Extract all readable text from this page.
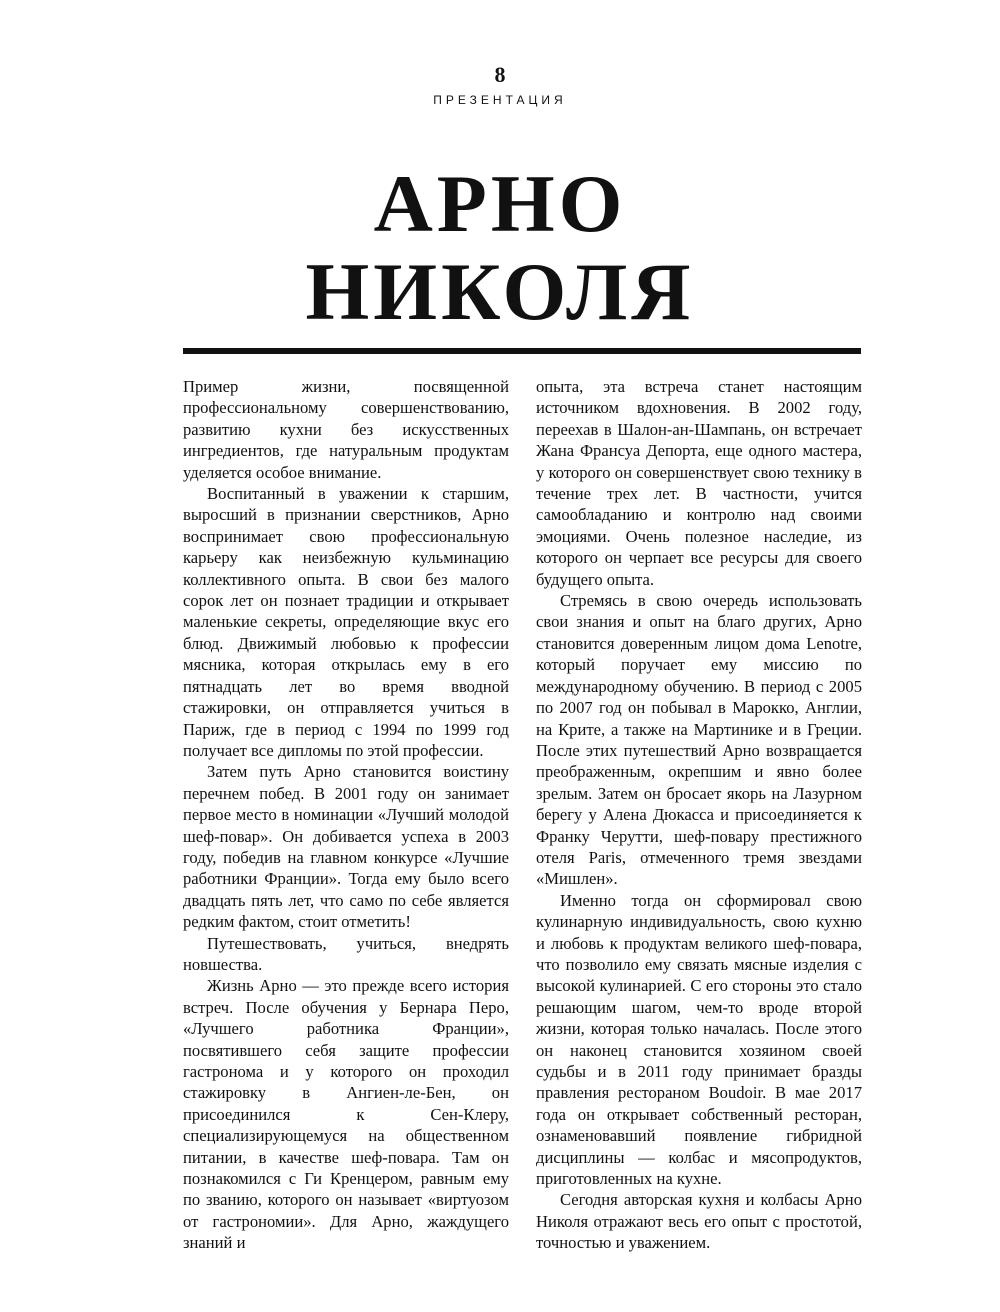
8
ПРЕЗЕНТАЦИЯ
АРНО
НИКОЛЯ

Пример жизни, посвященной профессиональному совершенствованию, развитию кухни без искусственных ингредиентов, где натуральным продуктам уделяется особое внимание.

Воспитанный в уважении к старшим, выросший в признании сверстников, Арно воспринимает свою профессиональную карьеру как неизбежную кульминацию коллективного опыта. В свои без малого сорок лет он познает традиции и открывает маленькие секреты, определяющие вкус его блюд. Движимый любовью к профессии мясника, которая открылась ему в его пятнадцать лет во время вводной стажировки, он отправляется учиться в Париж, где в период с 1994 по 1999 год получает все дипломы по этой профессии.

Затем путь Арно становится воистину перечнем побед. В 2001 году он занимает первое место в номинации «Лучший молодой шеф-повар». Он добивается успеха в 2003 году, победив на главном конкурсе «Лучшие работники Франции». Тогда ему было всего двадцать пять лет, что само по себе является редким фактом, стоит отметить!

Путешествовать, учиться, внедрять новшества.

Жизнь Арно — это прежде всего история встреч. После обучения у Бернара Перо, «Лучшего работника Франции», посвятившего себя защите профессии гастронома и у которого он проходил стажировку в Ангиен-ле-Бен, он присоединился к Сен-Клеру, специализирующемуся на общественном питании, в качестве шеф-повара. Там он познакомился с Ги Кренцером, равным ему по званию, которого он называет «виртуозом от гастрономии». Для Арно, жаждущего знаний и

опыта, эта встреча станет настоящим источником вдохновения. В 2002 году, переехав в Шалон-ан-Шампань, он встречает Жана Франсуа Депорта, еще одного мастера, у которого он совершенствует свою технику в течение трех лет. В частности, учится самообладанию и контролю над своими эмоциями. Очень полезное наследие, из которого он черпает все ресурсы для своего будущего опыта.

Стремясь в свою очередь использовать свои знания и опыт на благо других, Арно становится доверенным лицом дома Lenotre, который поручает ему миссию по международному обучению. В период с 2005 по 2007 год он побывал в Марокко, Англии, на Крите, а также на Мартинике и в Греции. После этих путешествий Арно возвращается преображенным, окрепшим и явно более зрелым. Затем он бросает якорь на Лазурном берегу у Алена Дюкасса и присоединяется к Франку Черутти, шеф-повару престижного отеля Paris, отмеченного тремя звездами «Мишлен».

Именно тогда он сформировал свою кулинарную индивидуальность, свою кухню и любовь к продуктам великого шеф-повара, что позволило ему связать мясные изделия с высокой кулинарией. С его стороны это стало решающим шагом, чем-то вроде второй жизни, которая только началась. После этого он наконец становится хозяином своей судьбы и в 2011 году принимает бразды правления рестораном Boudoir. В мае 2017 года он открывает собственный ресторан, ознаменовавший появление гибридной дисциплины — колбас и мясопродуктов, приготовленных на кухне.

Сегодня авторская кухня и колбасы Арно Николя отражают весь его опыт с простотой, точностью и уважением.
